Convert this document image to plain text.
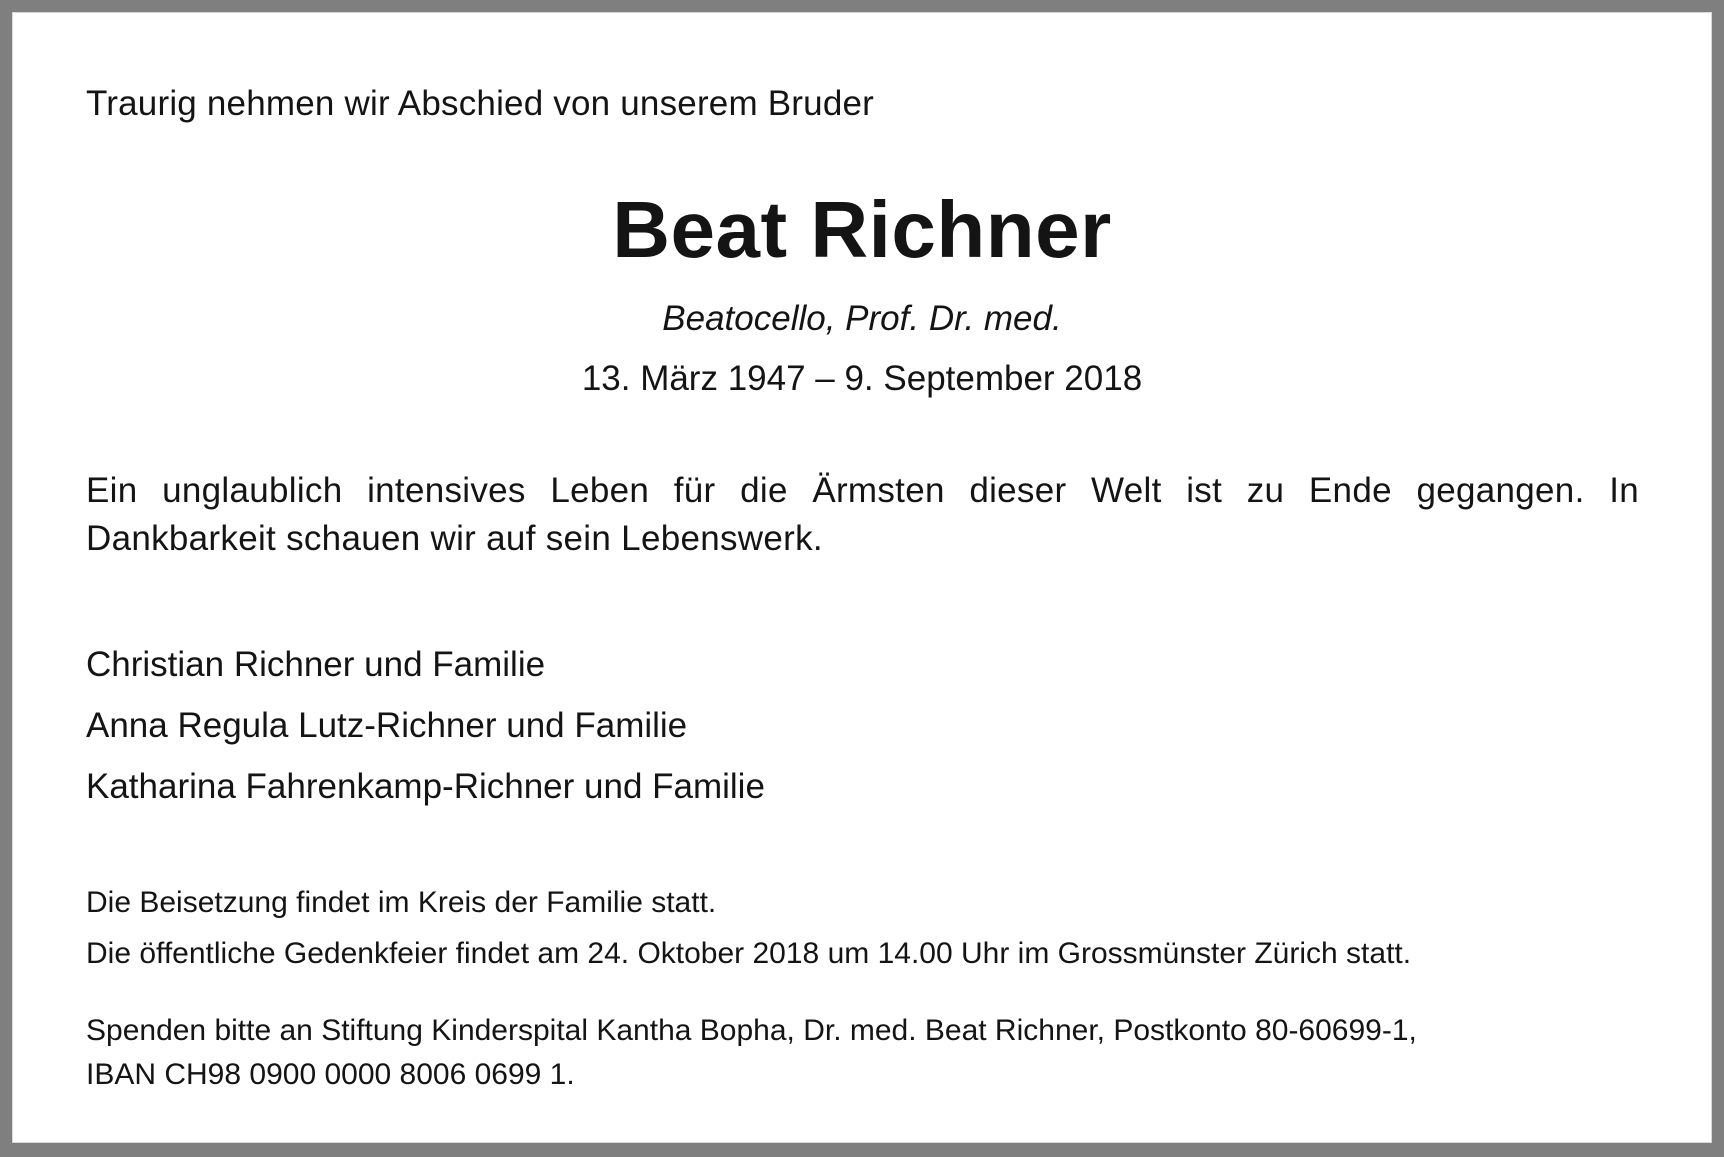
Traurig nehmen wir Abschied von unserem Bruder

Beat Richner

Beatocello, Prof. Dr. med.

13. März 1947 – 9. September 2018

Ein unglaublich intensives Leben für die Ärmsten dieser Welt ist zu Ende gegangen. In Dankbarkeit schauen wir auf sein Lebenswerk.

Christian Richner und Familie
Anna Regula Lutz-Richner und Familie
Katharina Fahrenkamp-Richner und Familie
Die Beisetzung findet im Kreis der Familie statt.
Die öffentliche Gedenkfeier findet am 24. Oktober 2018 um 14.00 Uhr im Grossmünster Zürich statt.

Spenden bitte an Stiftung Kinderspital Kantha Bopha, Dr. med. Beat Richner, Postkonto 80-60699-1,
IBAN CH98 0900 0000 8006 0699 1.
